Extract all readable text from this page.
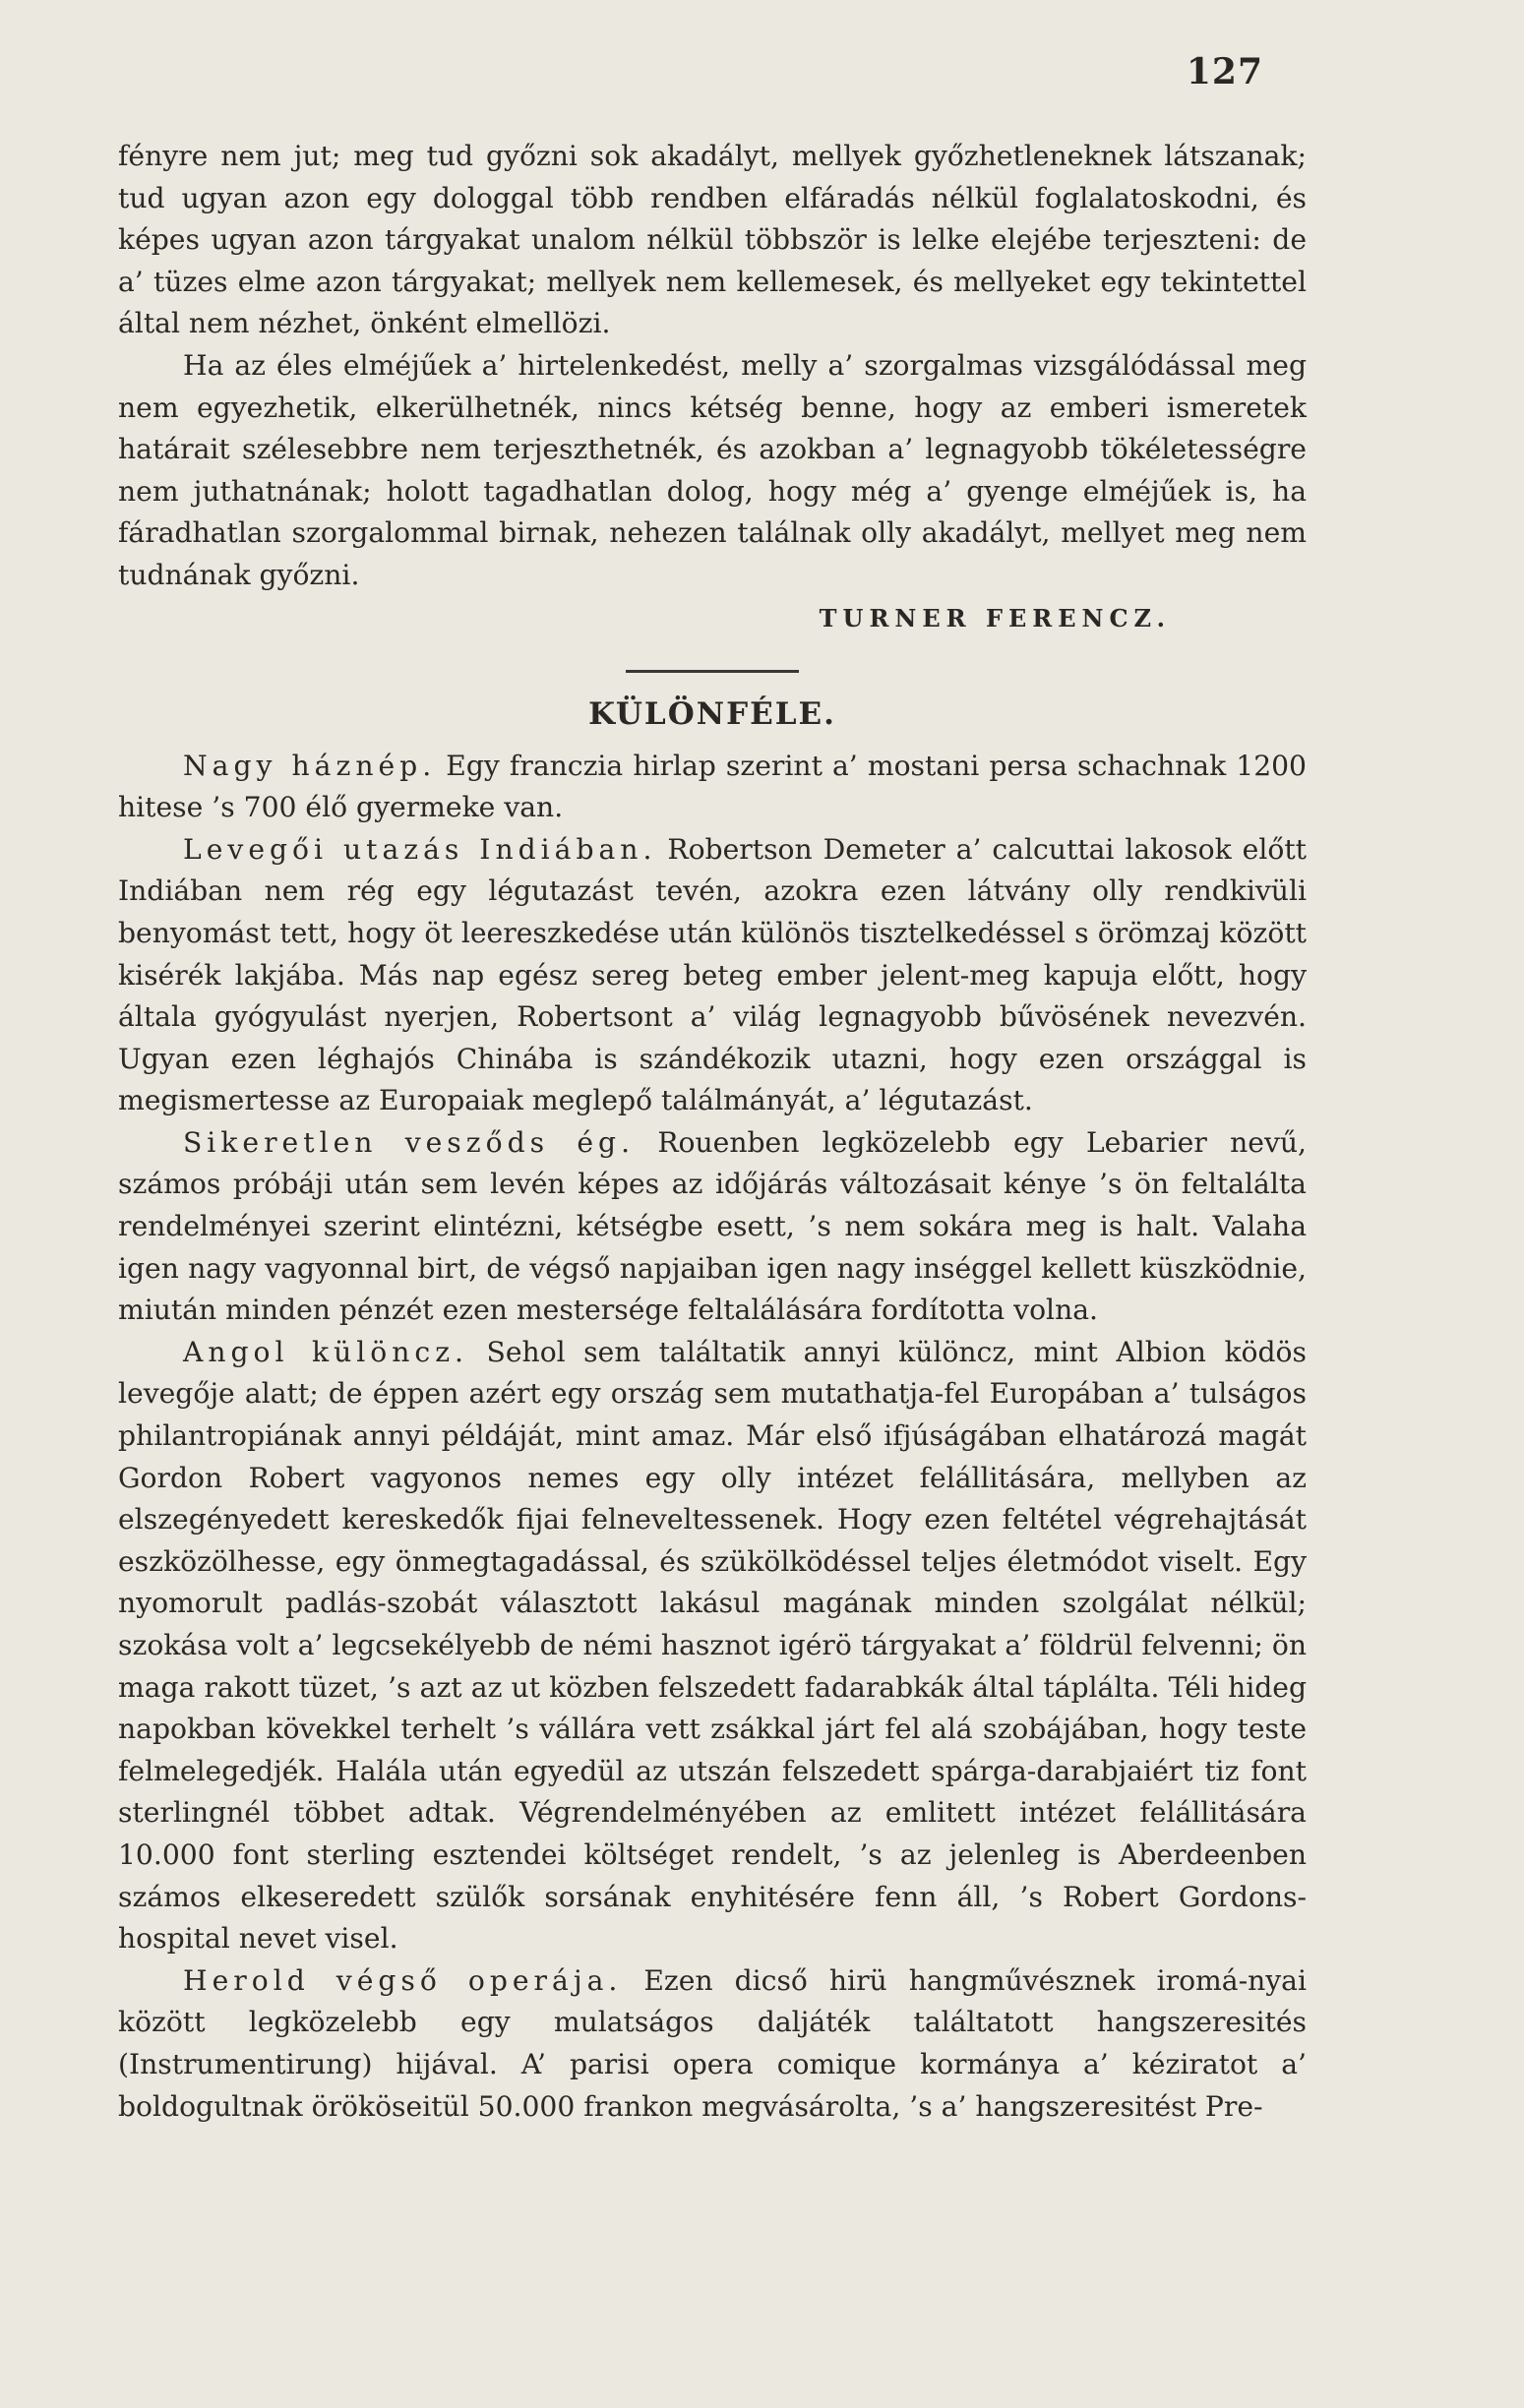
127

fényre nem jut; meg tud győzni sok akadályt, mellyek győzhetleneknek látszanak; tud ugyan azon egy dologgal több rendben elfáradás nélkül foglalatoskodni, és képes ugyan azon tárgyakat unalom nélkül többször is lelke elejébe terjeszteni: de a’ tüzes elme azon tárgyakat; mellyek nem kellemesek, és mellyeket egy tekintettel által nem nézhet, önként elmellözi.

Ha az éles elméjűek a’ hirtelenkedést, melly a’ szorgalmas vizsgálódással meg nem egyezhetik, elkerülhetnék, nincs kétség benne, hogy az emberi ismeretek határait szélesebbre nem terjeszthetnék, és azokban a’ legnagyobb tökéletességre nem juthatnának; holott tagadhatlan dolog, hogy még a’ gyenge elméjűek is, ha fáradhatlan szorgalommal birnak, nehezen találnak olly akadályt, mellyet meg nem tudnának győzni.

TURNER FERENCZ.

KÜLÖNFÉLE.

Nagy háznép. Egy franczia hirlap szerint a’ mostani persa schachnak 1200 hitese ’s 700 élő gyermeke van.

Levegői utazás Indiában. Robertson Demeter a’ calcuttai lakosok előtt Indiában nem rég egy légutazást tevén, azokra ezen látvány olly rendkivüli benyomást tett, hogy öt leereszkedése után különös tisztelkedéssel s örömzaj között kisérék lakjába. Más nap egész sereg beteg ember jelent-meg kapuja előtt, hogy általa gyógyulást nyerjen, Robertsont a’ világ legnagyobb bűvösének nevezvén. Ugyan ezen léghajós Chinába is szándékozik utazni, hogy ezen országgal is megismertesse az Europaiak meglepő találmányát, a’ légutazást.

Sikeretlen vesződs ég. Rouenben legközelebb egy Lebarier nevű, számos próbáji után sem levén képes az időjárás változásait kénye ’s ön feltalálta rendelményei szerint elintézni, kétségbe esett, ’s nem sokára meg is halt. Valaha igen nagy vagyonnal birt, de végső napjaiban igen nagy inséggel kellett küszködnie, miután minden pénzét ezen mestersége feltalálására fordította volna.

Angol különcz. Sehol sem találtatik annyi különcz, mint Albion ködös levegője alatt; de éppen azért egy ország sem mutathatja-fel Europában a’ tulságos philantropiának annyi példáját, mint amaz. Már első ifjúságában elhatározá magát Gordon Robert vagyonos nemes egy olly intézet felállitására, mellyben az elszegényedett kereskedők fijai felneveltessenek. Hogy ezen feltétel végrehajtását eszközölhesse, egy önmegtagadással, és szükölködéssel teljes életmódot viselt. Egy nyomorult padlás-szobát választott lakásul magának minden szolgálat nélkül; szokása volt a’ legcsekélyebb de némi hasznot igérö tárgyakat a’ földrül felvenni; ön maga rakott tüzet, ’s azt az ut közben felszedett fadarabkák által táplálta. Téli hideg napokban kövekkel terhelt ’s vállára vett zsákkal járt fel alá szobájában, hogy teste felmelegedjék. Halála után egyedül az utszán felszedett spárga-darabjaiért tiz font sterlingnél többet adtak. Végrendelményében az emlitett intézet felállitására 10.000 font sterling esztendei költséget rendelt, ’s az jelenleg is Aberdeenben számos elkeseredett szülők sorsának enyhitésére fenn áll, ’s Robert Gordons-hospital nevet visel.

Herold végső operája. Ezen dicső hirü hangművésznek iromá-nyai között legközelebb egy mulatságos daljáték találtatott hangszeresités (Instrumentirung) hijával. A’ parisi opera comique kormánya a’ kéziratot a’ boldogultnak örököseitül 50.000 frankon megvásárolta, ’s a’ hangszeresitést Pre-
